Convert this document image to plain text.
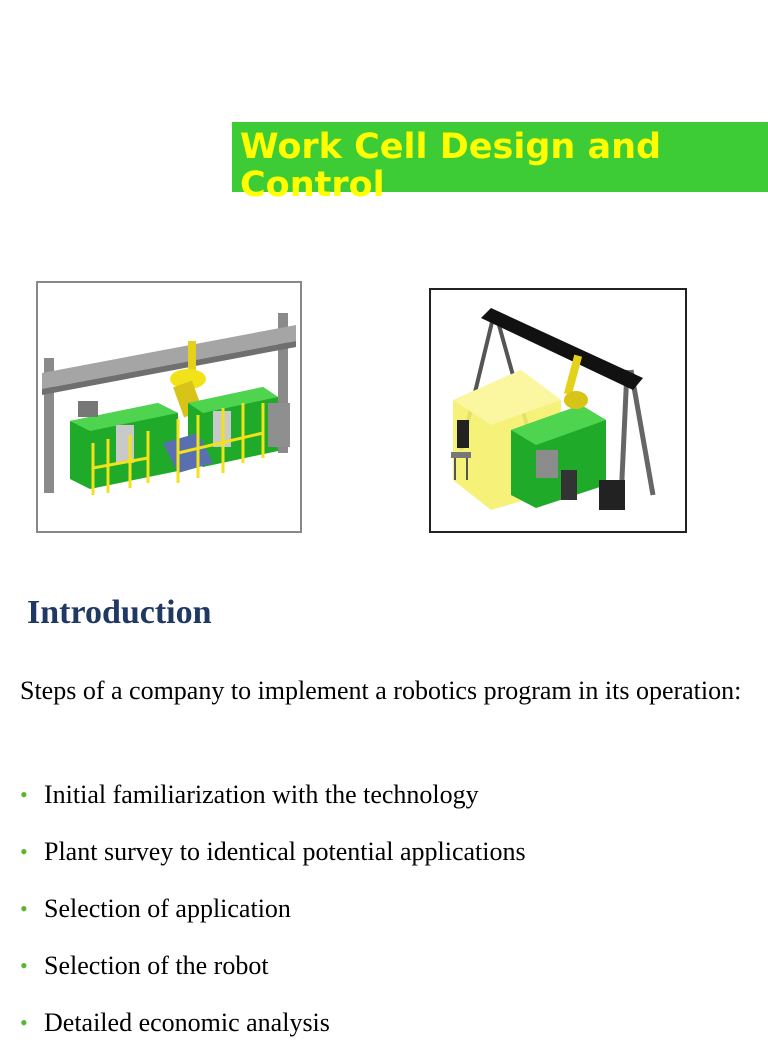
Work Cell Design and Control
Introduction

Steps of a company to implement a robotics program in its operation:

• Initial familiarization with the technology
• Plant survey to identical potential applications
• Selection of application
• Selection of the robot
• Detailed economic analysis
